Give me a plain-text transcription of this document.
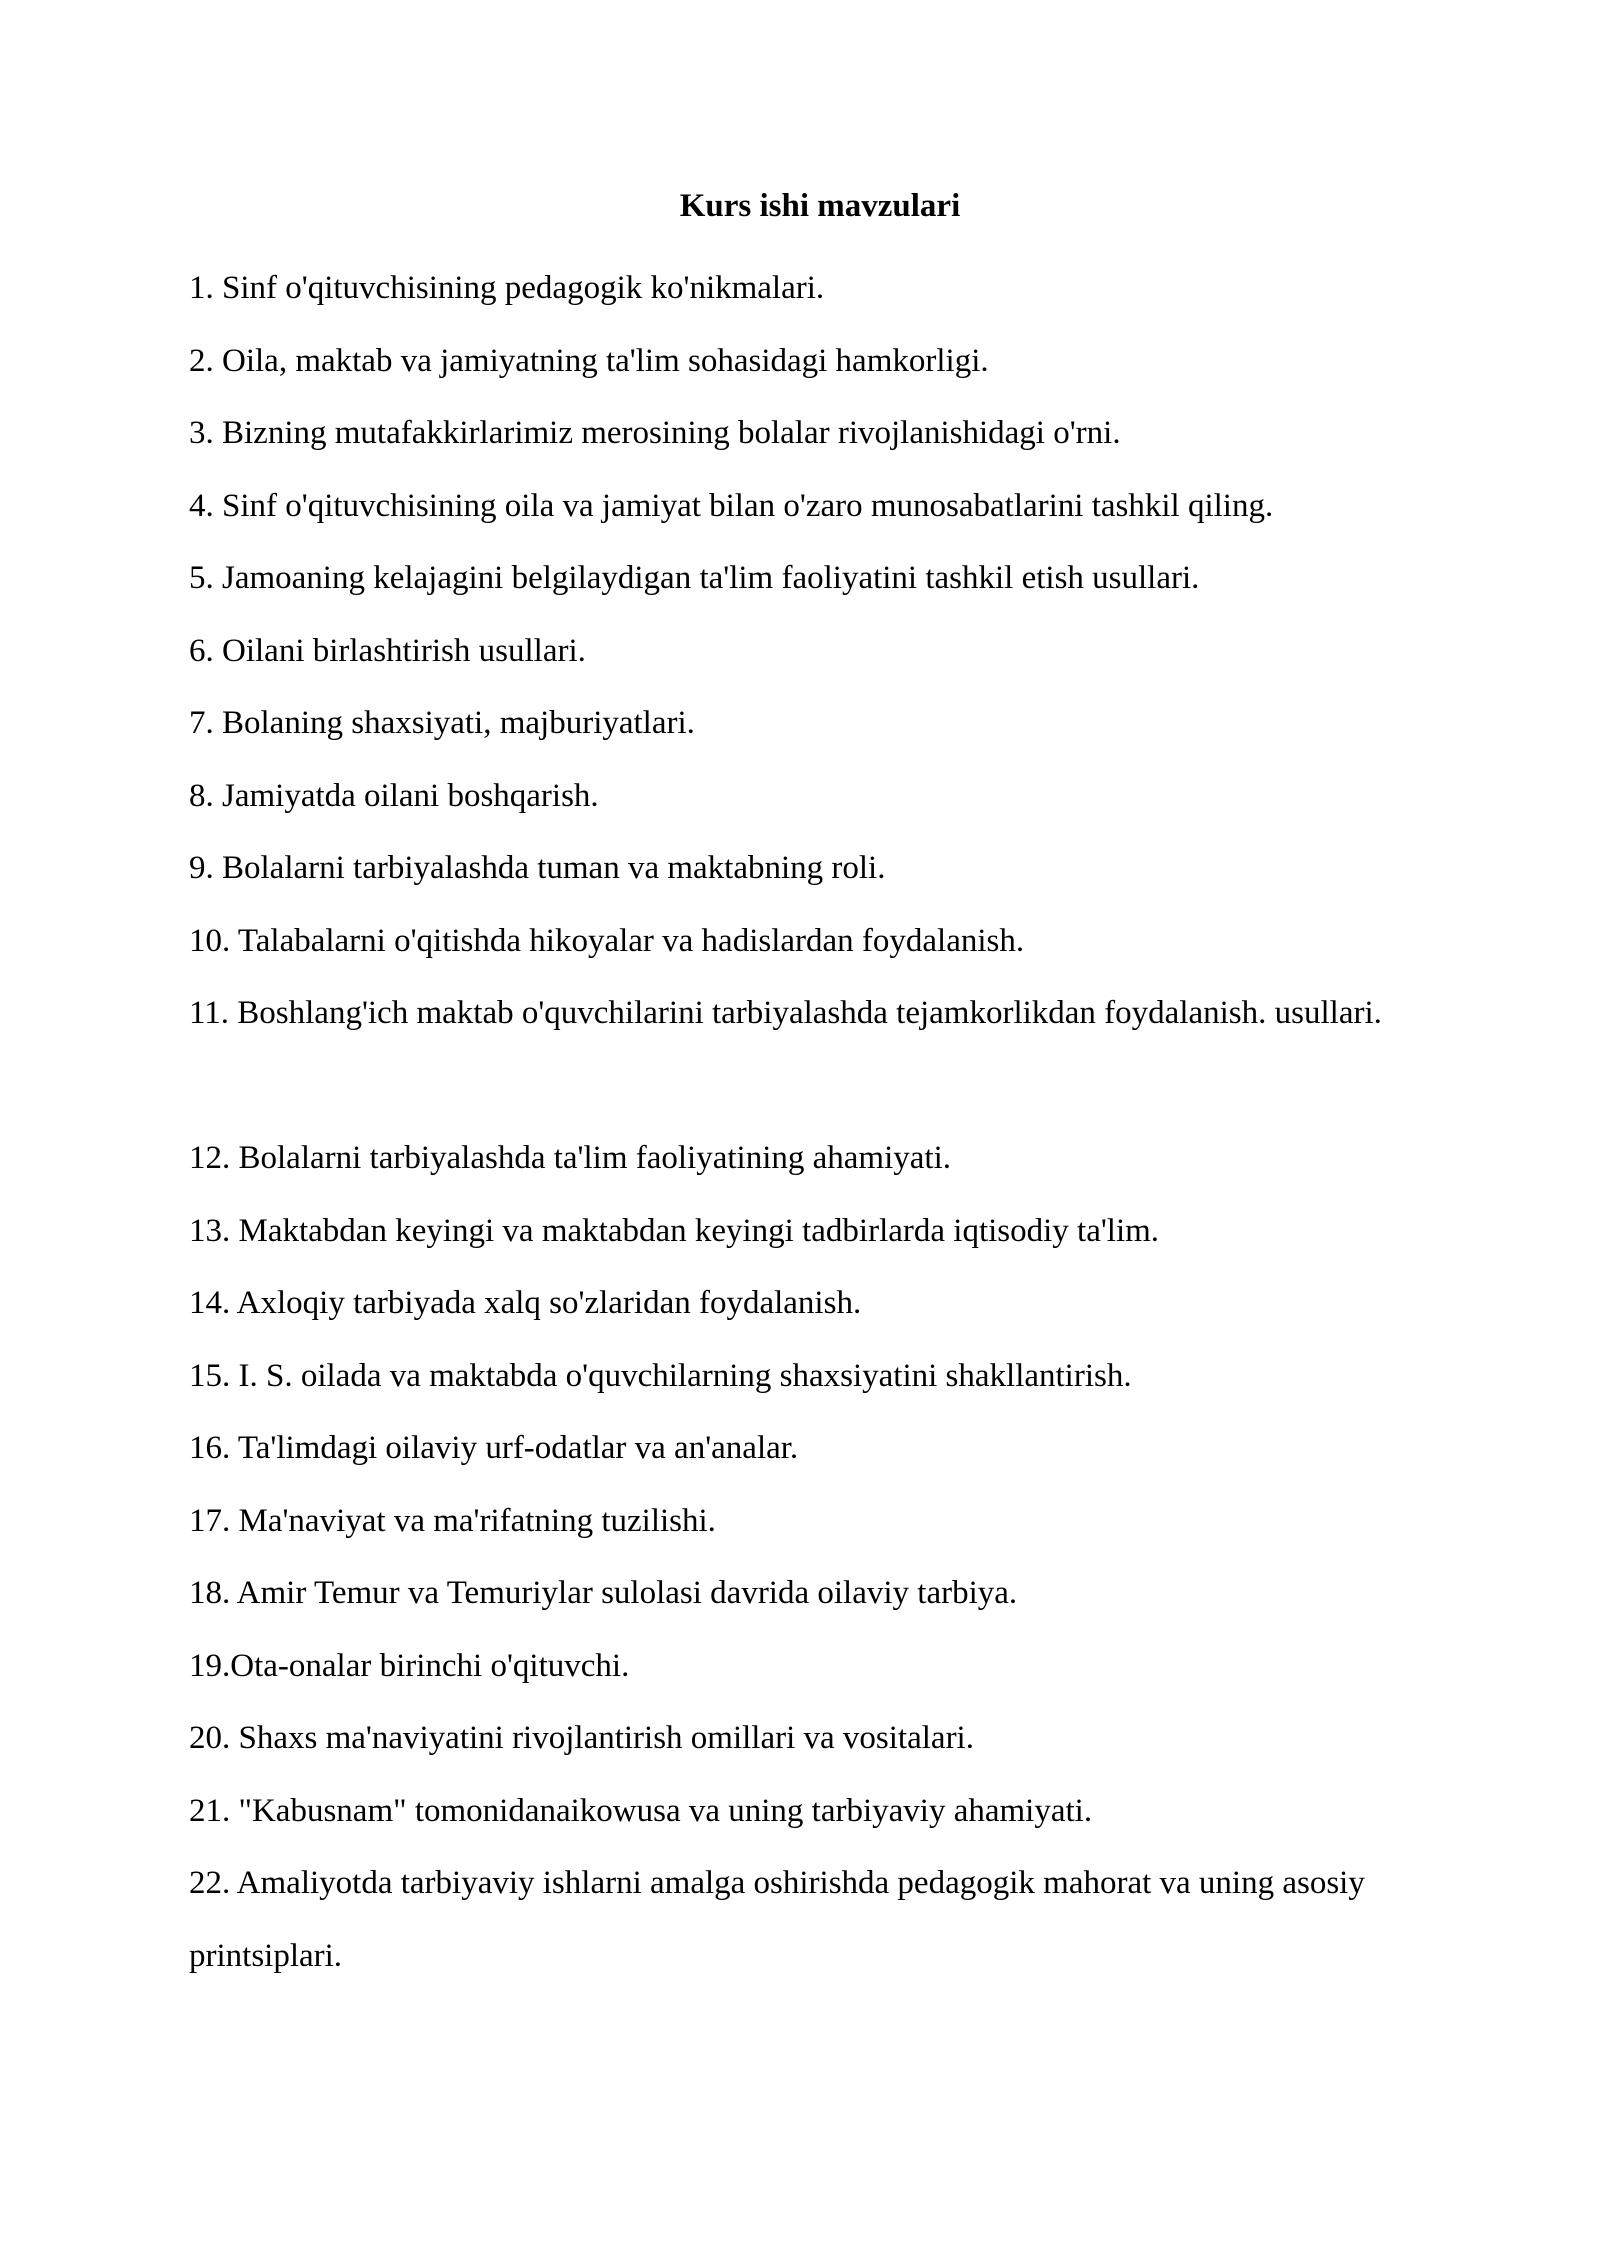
Kurs ishi mavzulari
1. Sinf o'qituvchisining pedagogik ko'nikmalari.
2. Oila, maktab va jamiyatning ta'lim sohasidagi hamkorligi.
3. Bizning mutafakkirlarimiz merosining bolalar rivojlanishidagi o'rni.
4. Sinf o'qituvchisining oila va jamiyat bilan o'zaro munosabatlarini tashkil qiling.
5. Jamoaning kelajagini belgilaydigan ta'lim faoliyatini tashkil etish usullari.
6. Oilani birlashtirish usullari.
7. Bolaning shaxsiyati, majburiyatlari.
8. Jamiyatda oilani boshqarish.
9. Bolalarni tarbiyalashda tuman va maktabning roli.
10. Talabalarni o'qitishda hikoyalar va hadislardan foydalanish.
11. Boshlang'ich maktab o'quvchilarini tarbiyalashda tejamkorlikdan foydalanish. usullari.
12. Bolalarni tarbiyalashda ta'lim faoliyatining ahamiyati.
13. Maktabdan keyingi va maktabdan keyingi tadbirlarda iqtisodiy ta'lim.
14. Axloqiy tarbiyada xalq so'zlaridan foydalanish.
15. I. S. oilada va maktabda o'quvchilarning shaxsiyatini shakllantirish.
16. Ta'limdagi oilaviy urf-odatlar va an'analar.
17. Ma'naviyat va ma'rifatning tuzilishi.
18. Amir Temur va Temuriylar sulolasi davrida oilaviy tarbiya.
19.Ota-onalar birinchi o'qituvchi.
20. Shaxs ma'naviyatini rivojlantirish omillari va vositalari.
21. "Kabusnam" tomonidanaikowusa va uning tarbiyaviy ahamiyati.
22. Amaliyotda tarbiyaviy ishlarni amalga oshirishda pedagogik mahorat va uning asosiy printsiplari.
